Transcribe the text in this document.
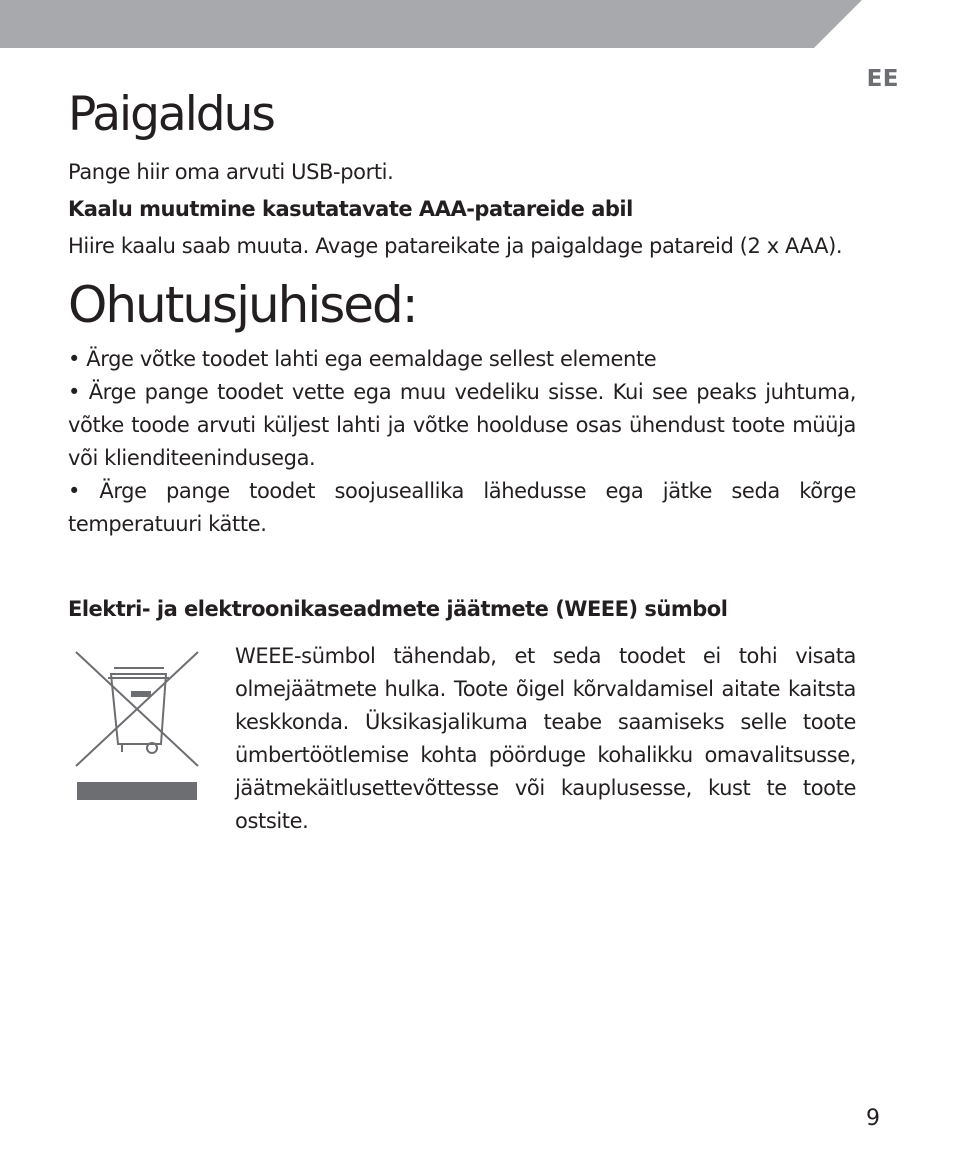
EE
Paigaldus

Pange hiir oma arvuti USB-porti.

Kaalu muutmine kasutatavate AAA-patareide abil

Hiire kaalu saab muuta. Avage patareikate ja paigaldage patareid (2 x AAA).

Ohutusjuhised:

• Ärge võtke toodet lahti ega eemaldage sellest elemente

• Ärge pange toodet vette ega muu vedeliku sisse. Kui see peaks juhtuma, võtke toode arvuti küljest lahti ja võtke hoolduse osas ühendust toote müüja või klienditeenindusega.

• Ärge pange toodet soojuseallika lähedusse ega jätke seda kõrge temperatuuri kätte.

Elektri- ja elektroonikaseadmete jäätmete (WEEE) sümbol

WEEE-sümbol tähendab, et seda toodet ei tohi visata olmejäätmete hulka. Toote õigel kõrvaldamisel aitate kaitsta keskkonda. Üksikasjalikuma teabe saamiseks selle toote ümbertöötlemise kohta pöörduge kohalikku omavalitsusse, jäätmekäitlusettevõttesse või kauplusesse, kust te toote ostsite.

9
